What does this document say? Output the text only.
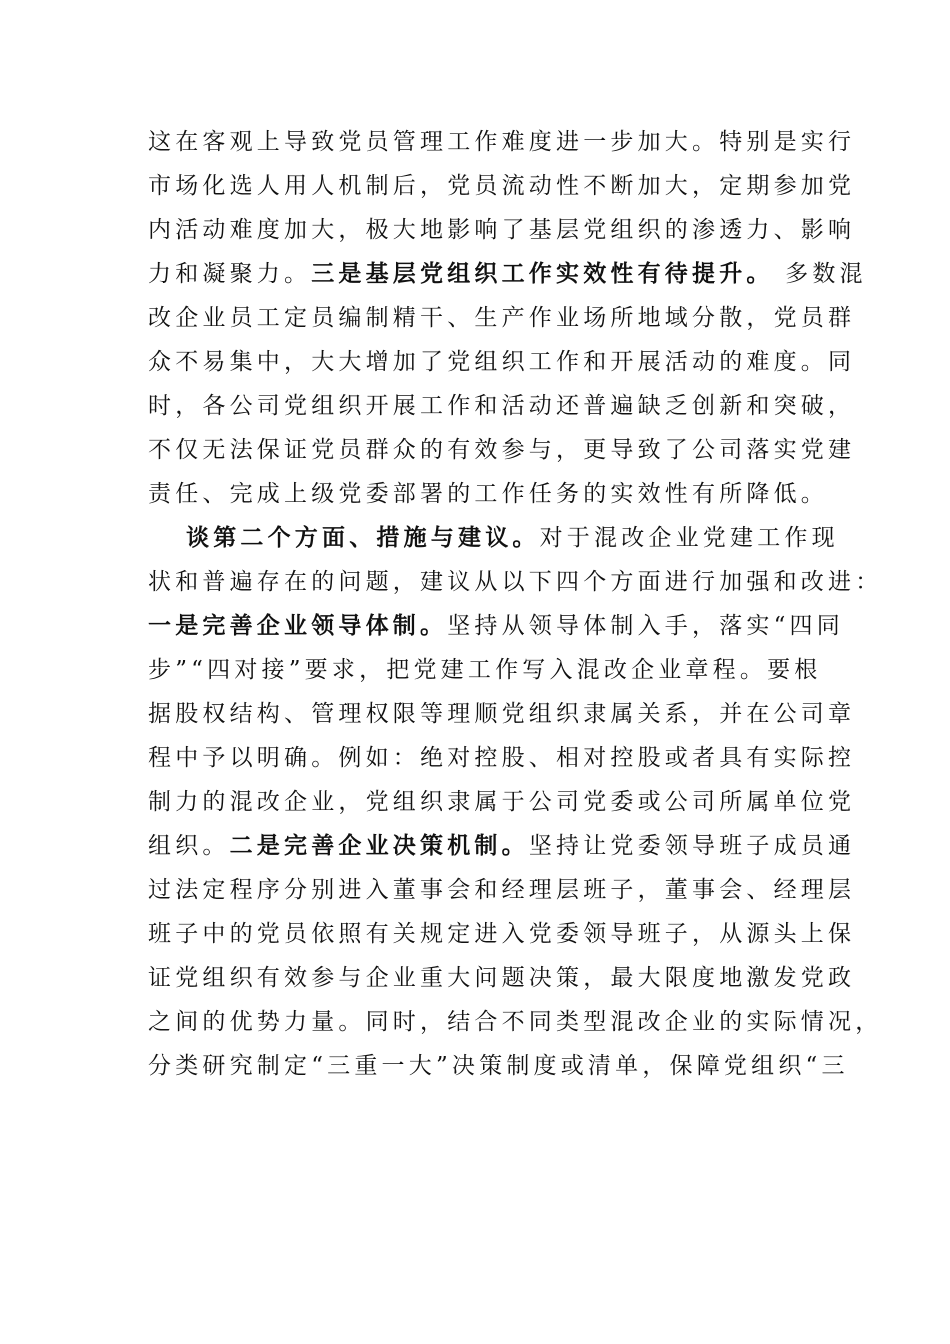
这在客观上导致党员管理工作难度进一步加大。特别是实行
市场化选人用人机制后，党员流动性不断加大，定期参加党
内活动难度加大，极大地影响了基层党组织的渗透力、影响
力和凝聚力。三是基层党组织工作实效性有待提升。 多数混
改企业员工定员编制精干、生产作业场所地域分散，党员群
众不易集中，大大增加了党组织工作和开展活动的难度。同
时，各公司党组织开展工作和活动还普遍缺乏创新和突破，
不仅无法保证党员群众的有效参与，更导致了公司落实党建
责任、完成上级党委部署的工作任务的实效性有所降低。
谈第二个方面、措施与建议。对于混改企业党建工作现
状和普遍存在的问题，建议从以下四个方面进行加强和改进：
一是完善企业领导体制。坚持从领导体制入手，落实“四同
步”“四对接”要求，把党建工作写入混改企业章程。要根
据股权结构、管理权限等理顺党组织隶属关系，并在公司章
程中予以明确。例如：绝对控股、相对控股或者具有实际控
制力的混改企业，党组织隶属于公司党委或公司所属单位党
组织。二是完善企业决策机制。坚持让党委领导班子成员通
过法定程序分别进入董事会和经理层班子，董事会、经理层
班子中的党员依照有关规定进入党委领导班子，从源头上保
证党组织有效参与企业重大问题决策，最大限度地激发党政
之间的优势力量。同时，结合不同类型混改企业的实际情况，
分类研究制定“三重一大”决策制度或清单，保障党组织“三
